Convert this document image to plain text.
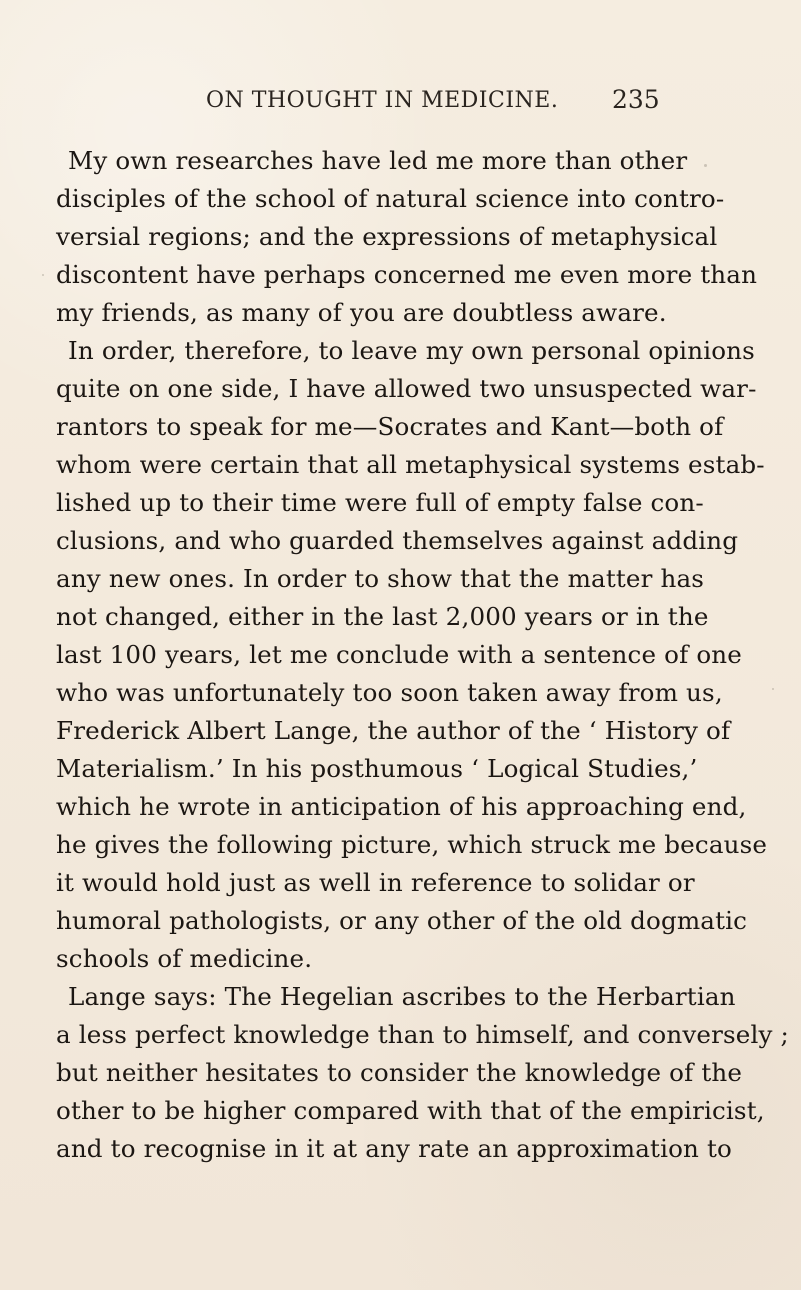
ON THOUGHT IN MEDICINE. 235
My own researches have led me more than other
disciples of the school of natural science into contro-
versial regions; and the expressions of metaphysical
discontent have perhaps concerned me even more than
my friends, as many of you are doubtless aware.
In order, therefore, to leave my own personal opinions
quite on one side, I have allowed two unsuspected war-
rantors to speak for me—Socrates and Kant—both of
whom were certain that all metaphysical systems estab-
lished up to their time were full of empty false con-
clusions, and who guarded themselves against adding
any new ones. In order to show that the matter has
not changed, either in the last 2,000 years or in the
last 100 years, let me conclude with a sentence of one
who was unfortunately too soon taken away from us,
Frederick Albert Lange, the author of the ‘ History of
Materialism.’ In his posthumous ‘ Logical Studies,’
which he wrote in anticipation of his approaching end,
he gives the following picture, which struck me because
it would hold just as well in reference to solidar or
humoral pathologists, or any other of the old dogmatic
schools of medicine.
Lange says: The Hegelian ascribes to the Herbartian
a less perfect knowledge than to himself, and conversely ;
but neither hesitates to consider the knowledge of the
other to be higher compared with that of the empiricist,
and to recognise in it at any rate an approximation to
